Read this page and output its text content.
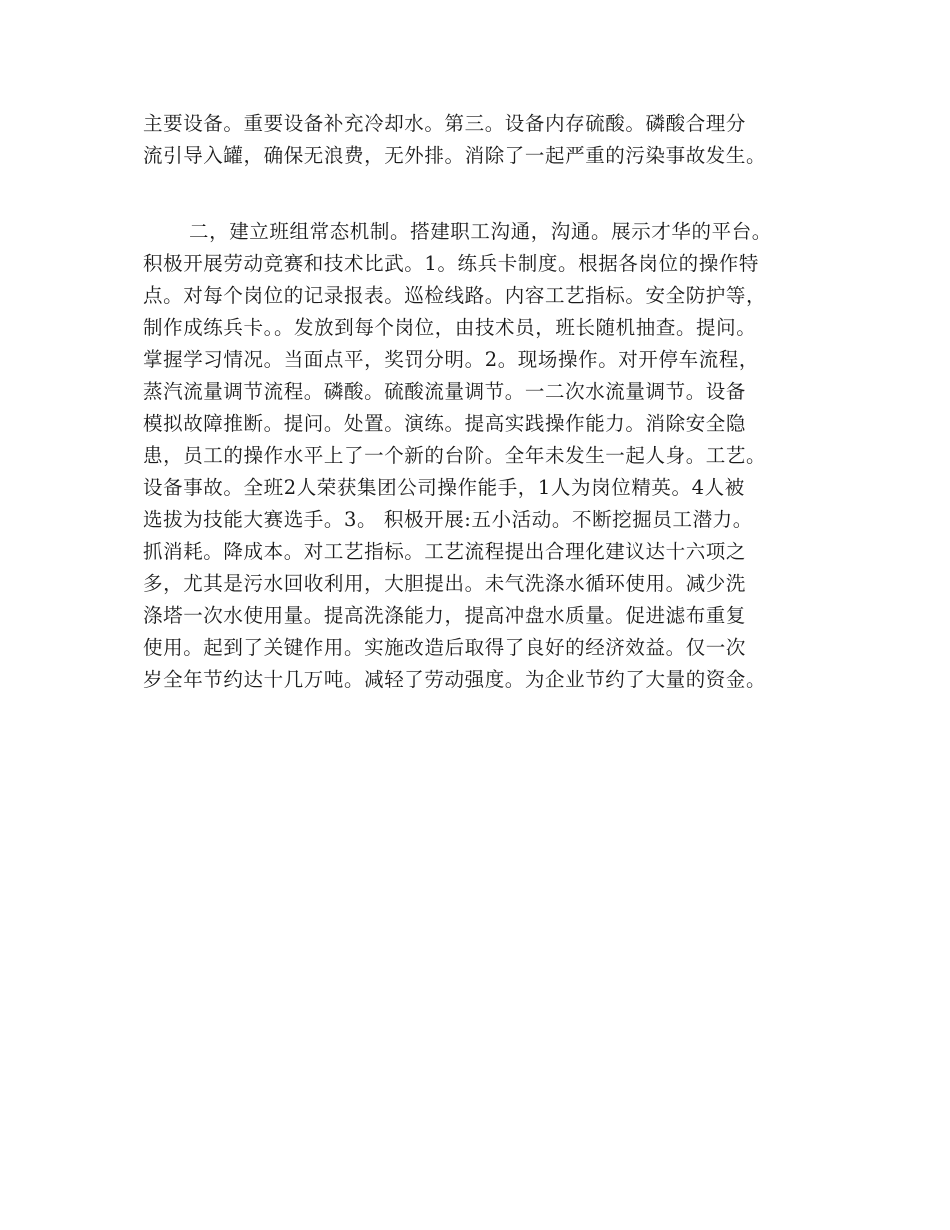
主要设备。重要设备补充冷却水。第三。设备内存硫酸。磷酸合理分
流引导入罐，确保无浪费，无外排。消除了一起严重的污染事故发生。
二，建立班组常态机制。搭建职工沟通，沟通。展示才华的平台。
积极开展劳动竞赛和技术比武。1。练兵卡制度。根据各岗位的操作特
点。对每个岗位的记录报表。巡检线路。内容工艺指标。安全防护等，
制作成练兵卡。。发放到每个岗位，由技术员，班长随机抽查。提问。
掌握学习情况。当面点平，奖罚分明。2。现场操作。对开停车流程，
蒸汽流量调节流程。磷酸。硫酸流量调节。一二次水流量调节。设备
模拟故障推断。提问。处置。演练。提高实践操作能力。消除安全隐
患，员工的操作水平上了一个新的台阶。全年未发生一起人身。工艺。
设备事故。全班2人荣获集团公司操作能手，1人为岗位精英。4人被
选拔为技能大赛选手。3。 积极开展:五小活动。不断挖掘员工潜力。
抓消耗。降成本。对工艺指标。工艺流程提出合理化建议达十六项之
多，尤其是污水回收利用，大胆提出。未气洗涤水循环使用。减少洗
涤塔一次水使用量。提高洗涤能力，提高冲盘水质量。促进滤布重复
使用。起到了关键作用。实施改造后取得了良好的经济效益。仅一次
岁全年节约达十几万吨。减轻了劳动强度。为企业节约了大量的资金。
